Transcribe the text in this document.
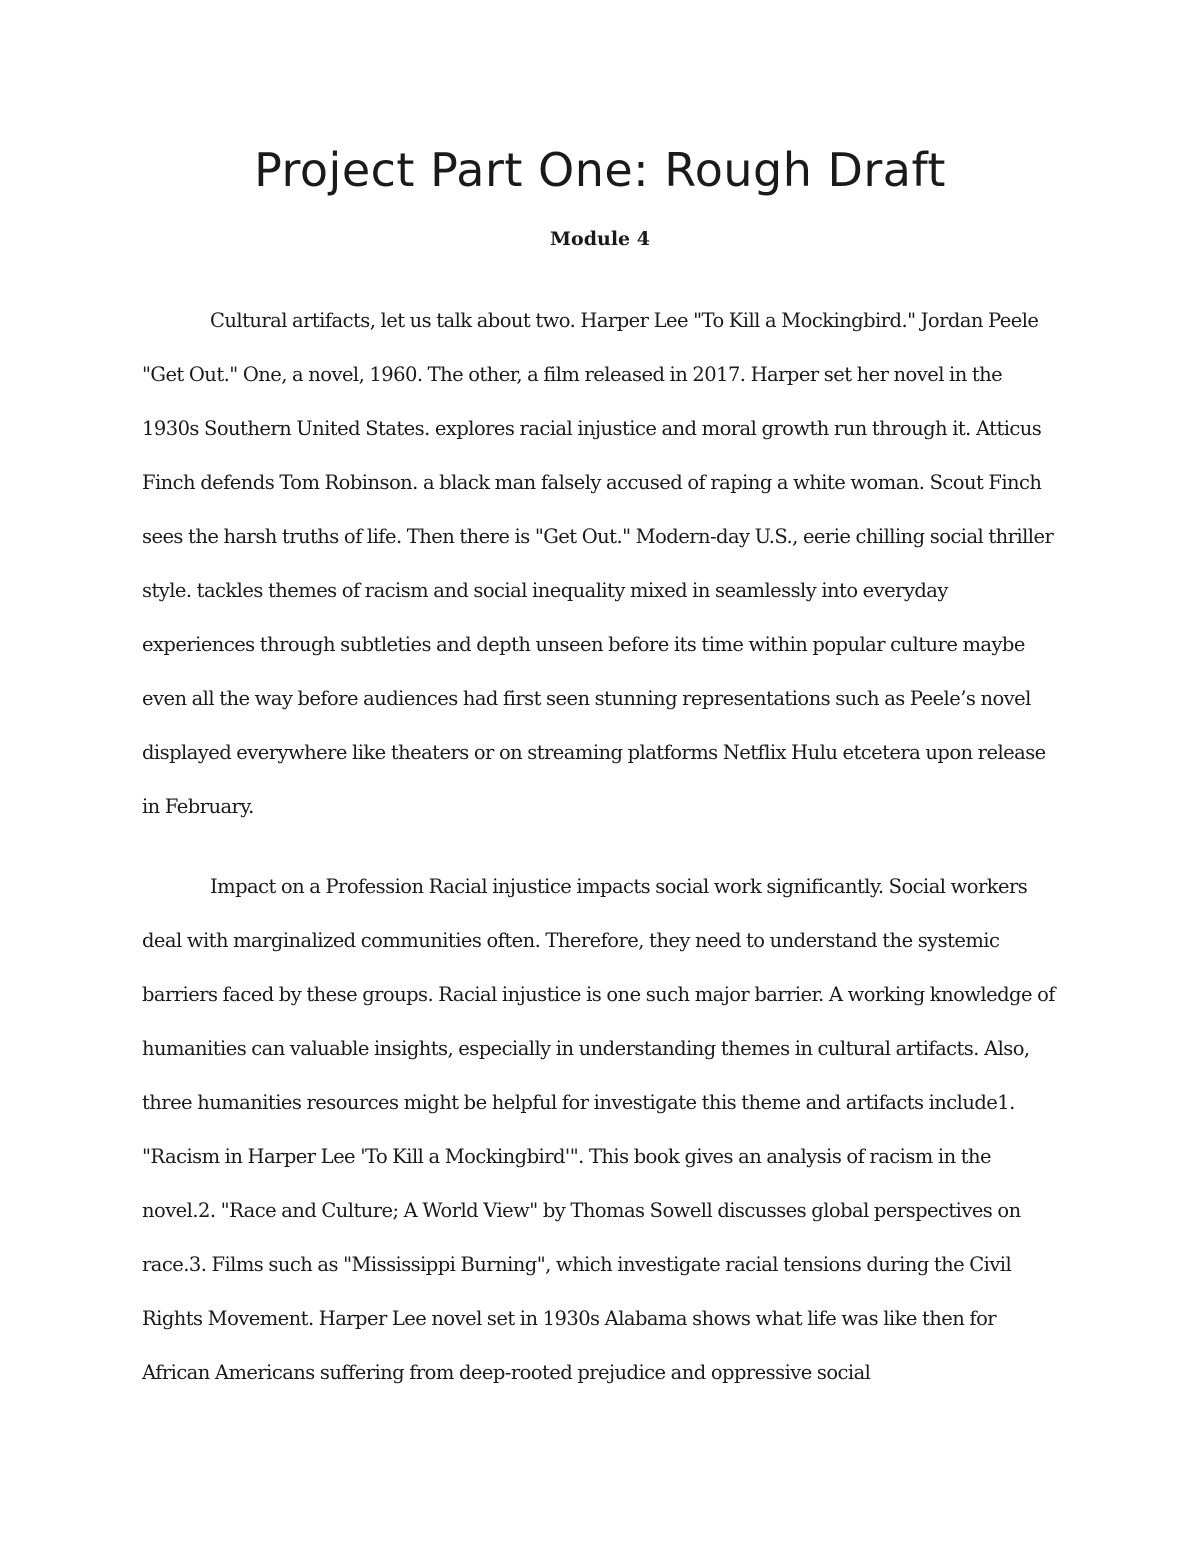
Project Part One: Rough Draft
Module 4

Cultural artifacts, let us talk about two. Harper Lee "To Kill a Mockingbird." Jordan Peele "Get Out." One, a novel, 1960. The other, a film released in 2017. Harper set her novel in the 1930s Southern United States. explores racial injustice and moral growth run through it. Atticus Finch defends Tom Robinson. a black man falsely accused of raping a white woman. Scout Finch sees the harsh truths of life. Then there is "Get Out." Modern-day U.S., eerie chilling social thriller style. tackles themes of racism and social inequality mixed in seamlessly into everyday experiences through subtleties and depth unseen before its time within popular culture maybe even all the way before audiences had first seen stunning representations such as Peele’s novel displayed everywhere like theaters or on streaming platforms Netflix Hulu etcetera upon release in February.

Impact on a Profession Racial injustice impacts social work significantly. Social workers deal with marginalized communities often. Therefore, they need to understand the systemic barriers faced by these groups. Racial injustice is one such major barrier. A working knowledge of humanities can valuable insights, especially in understanding themes in cultural artifacts. Also, three humanities resources might be helpful for investigate this theme and artifacts include1. "Racism in Harper Lee 'To Kill a Mockingbird'". This book gives an analysis of racism in the novel.2. "Race and Culture; A World View" by Thomas Sowell discusses global perspectives on race.3. Films such as "Mississippi Burning", which investigate racial tensions during the Civil Rights Movement. Harper Lee novel set in 1930s Alabama shows what life was like then for African Americans suffering from deep-rooted prejudice and oppressive social
